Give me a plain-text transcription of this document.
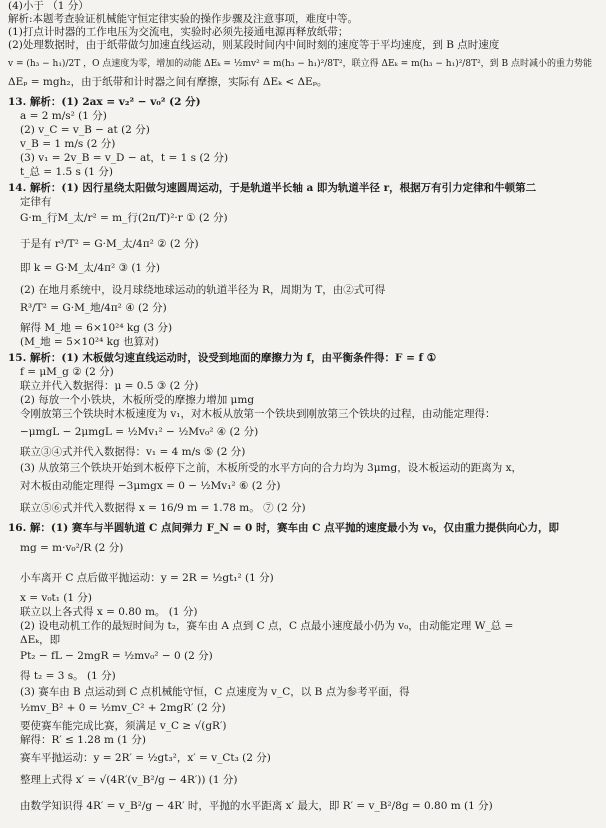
(4)小于 （1 分）
解析:本题考查验证机械能守恒定律实验的操作步骤及注意事项，难度中等。
(1)打点计时器的工作电压为交流电，实验时必须先接通电源再释放纸带；
(2)处理数据时，由于纸带做匀加速直线运动，则某段时间内中间时刻的速度等于平均速度，到 B 点时速度
v = (h₃ − h₁)/2T ，O 点速度为零，增加的动能 ΔEₖ = ½mv² = m(h₃ − h₁)²/8T²，联立得 ΔEₖ = m(h₃ − h₁)²/8T²，到 B 点时减小的重力势能
ΔEₚ = mgh₂，由于纸带和计时器之间有摩擦，实际有 ΔEₖ < ΔEₚ。
13. 解析：(1) 2ax = v₂² − v₀² (2 分)
a = 2 m/s² (1 分)
(2) v_C = v_B − at (2 分)
v_B = 1 m/s (2 分)
(3) v₁ = 2v_B = v_D − at，t = 1 s (2 分)
t_总 = 1.5 s (1 分)
14. 解析：(1) 因行星绕太阳做匀速圆周运动，于是轨道半长轴 a 即为轨道半径 r，根据万有引力定律和牛顿第二
定律有
G·m_行M_太/r² = m_行(2π/T)²·r ① (2 分)
于是有 r³/T² = G·M_太/4π² ② (2 分)
即 k = G·M_太/4π² ③ (1 分)
(2) 在地月系统中，设月球绕地球运动的轨道半径为 R，周期为 T，由②式可得
R³/T² = G·M_地/4π² ④ (2 分)
解得 M_地 = 6×10²⁴ kg (3 分)
(M_地 = 5×10²⁴ kg 也算对)
15. 解析：(1) 木板做匀速直线运动时，设受到地面的摩擦力为 f，由平衡条件得：F = f ①
f = μM_g ② (2 分)
联立并代入数据得：μ = 0.5 ③ (2 分)
(2) 每放一个小铁块，木板所受的摩擦力增加 μmg
令刚放第三个铁块时木板速度为 v₁，对木板从放第一个铁块到刚放第三个铁块的过程，由动能定理得：
−μmgL − 2μmgL = ½Mv₁² − ½Mv₀² ④ (2 分)
联立③④式并代入数据得：v₁ = 4 m/s ⑤ (2 分)
(3) 从放第三个铁块开始到木板停下之前，木板所受的水平方向的合力均为 3μmg，设木板运动的距离为 x，
对木板由动能定理得 −3μmgx = 0 − ½Mv₁² ⑥ (2 分)
联立⑤⑥式并代入数据得 x = 16/9 m = 1.78 m。 ⑦ (2 分)
16. 解：(1) 赛车与半圆轨道 C 点间弹力 F_N = 0 时，赛车由 C 点平抛的速度最小为 v₀，仅由重力提供向心力，即
mg = m·v₀²/R (2 分)
小车离开 C 点后做平抛运动：y = 2R = ½gt₁² (1 分)
x = v₀t₁ (1 分)
联立以上各式得 x = 0.80 m。 (1 分)
(2) 设电动机工作的最短时间为 t₂，赛车由 A 点到 C 点，C 点最小速度最小仍为 v₀，由动能定理 W_总 =
ΔEₖ，即
Pt₂ − fL − 2mgR = ½mv₀² − 0 (2 分)
得 t₂ = 3 s。 (1 分)
(3) 赛车由 B 点运动到 C 点机械能守恒，C 点速度为 v_C，以 B 点为参考平面，得
½mv_B² + 0 = ½mv_C² + 2mgR′ (2 分)
要使赛车能完成比赛，须满足 v_C ≥ √(gR′)
解得：R′ ≤ 1.28 m (1 分)
赛车平抛运动：y = 2R′ = ½gt₃²，x′ = v_Ct₃ (2 分)
整理上式得 x′ = √(4R′(v_B²/g − 4R′)) (1 分)
由数学知识得 4R′ = v_B²/g − 4R′ 时，平抛的水平距离 x′ 最大，即 R′ = v_B²/8g = 0.80 m (1 分)
